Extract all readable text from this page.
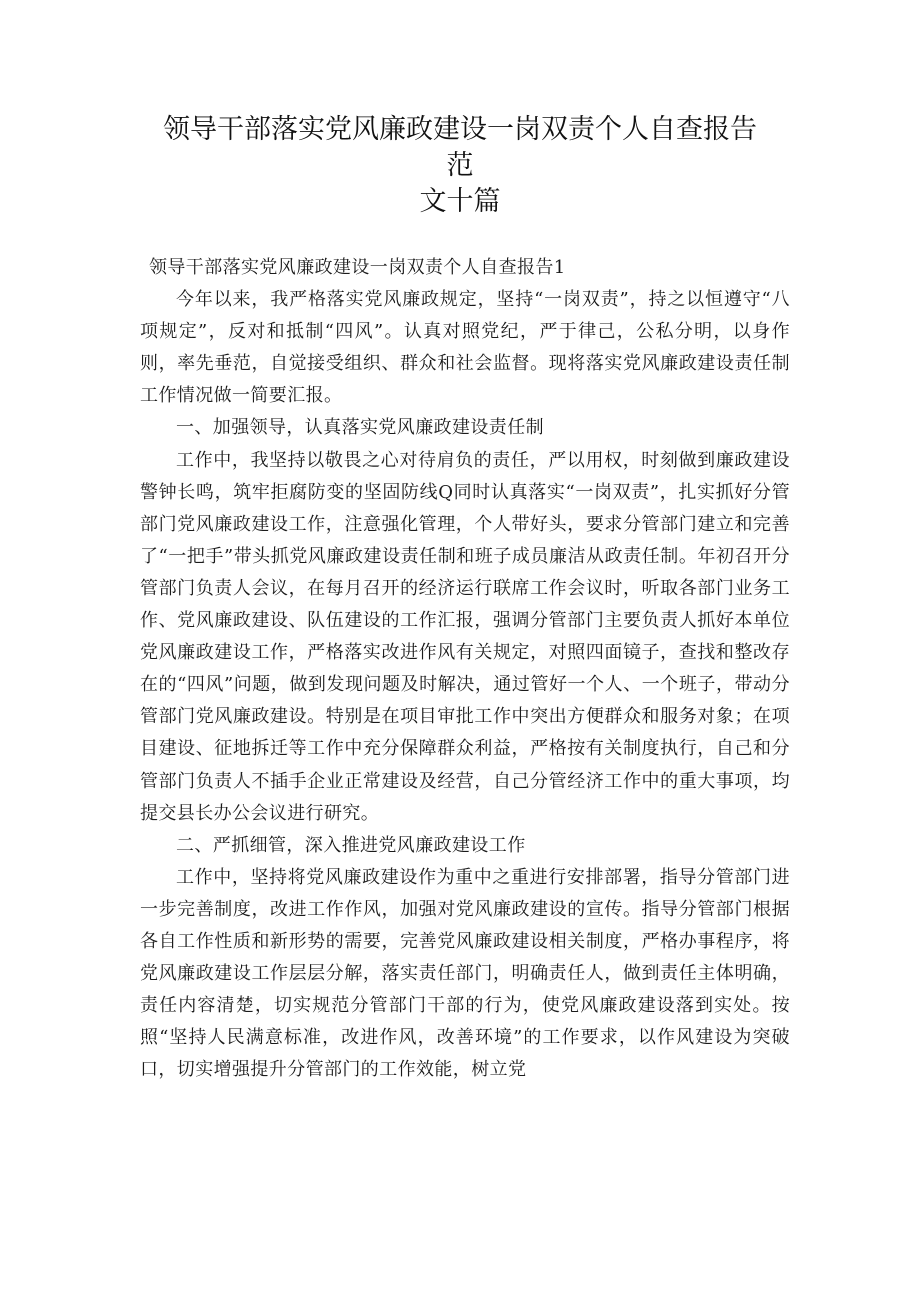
领导干部落实党风廉政建设一岗双责个人自查报告范
文十篇

领导干部落实党风廉政建设一岗双责个人自查报告1

今年以来，我严格落实党风廉政规定，坚持“一岗双责”，持之以恒遵守“八项规定”，反对和抵制“四风”。认真对照党纪，严于律己，公私分明，以身作则，率先垂范，自觉接受组织、群众和社会监督。现将落实党风廉政建设责任制工作情况做一简要汇报。

一、加强领导，认真落实党风廉政建设责任制

工作中，我坚持以敬畏之心对待肩负的责任，严以用权，时刻做到廉政建设警钟长鸣，筑牢拒腐防变的坚固防线Q同时认真落实“一岗双责”，扎实抓好分管部门党风廉政建设工作，注意强化管理，个人带好头，要求分管部门建立和完善了“一把手”带头抓党风廉政建设责任制和班子成员廉洁从政责任制。年初召开分管部门负责人会议，在每月召开的经济运行联席工作会议时，听取各部门业务工作、党风廉政建设、队伍建设的工作汇报，强调分管部门主要负责人抓好本单位党风廉政建设工作，严格落实改进作风有关规定，对照四面镜子，查找和整改存在的“四风”问题，做到发现问题及时解决，通过管好一个人、一个班子，带动分管部门党风廉政建设。特别是在项目审批工作中突出方便群众和服务对象；在项目建设、征地拆迁等工作中充分保障群众利益，严格按有关制度执行，自己和分管部门负责人不插手企业正常建设及经营，自己分管经济工作中的重大事项，均提交县长办公会议进行研究。

二、严抓细管，深入推进党风廉政建设工作

工作中，坚持将党风廉政建设作为重中之重进行安排部署，指导分管部门进一步完善制度，改进工作作风，加强对党风廉政建设的宣传。指导分管部门根据各自工作性质和新形势的需要，完善党风廉政建设相关制度，严格办事程序，将党风廉政建设工作层层分解，落实责任部门，明确责任人，做到责任主体明确，责任内容清楚，切实规范分管部门干部的行为，使党风廉政建设落到实处。按照“坚持人民满意标准，改进作风，改善环境”的工作要求，以作风建设为突破口，切实增强提升分管部门的工作效能，树立党
